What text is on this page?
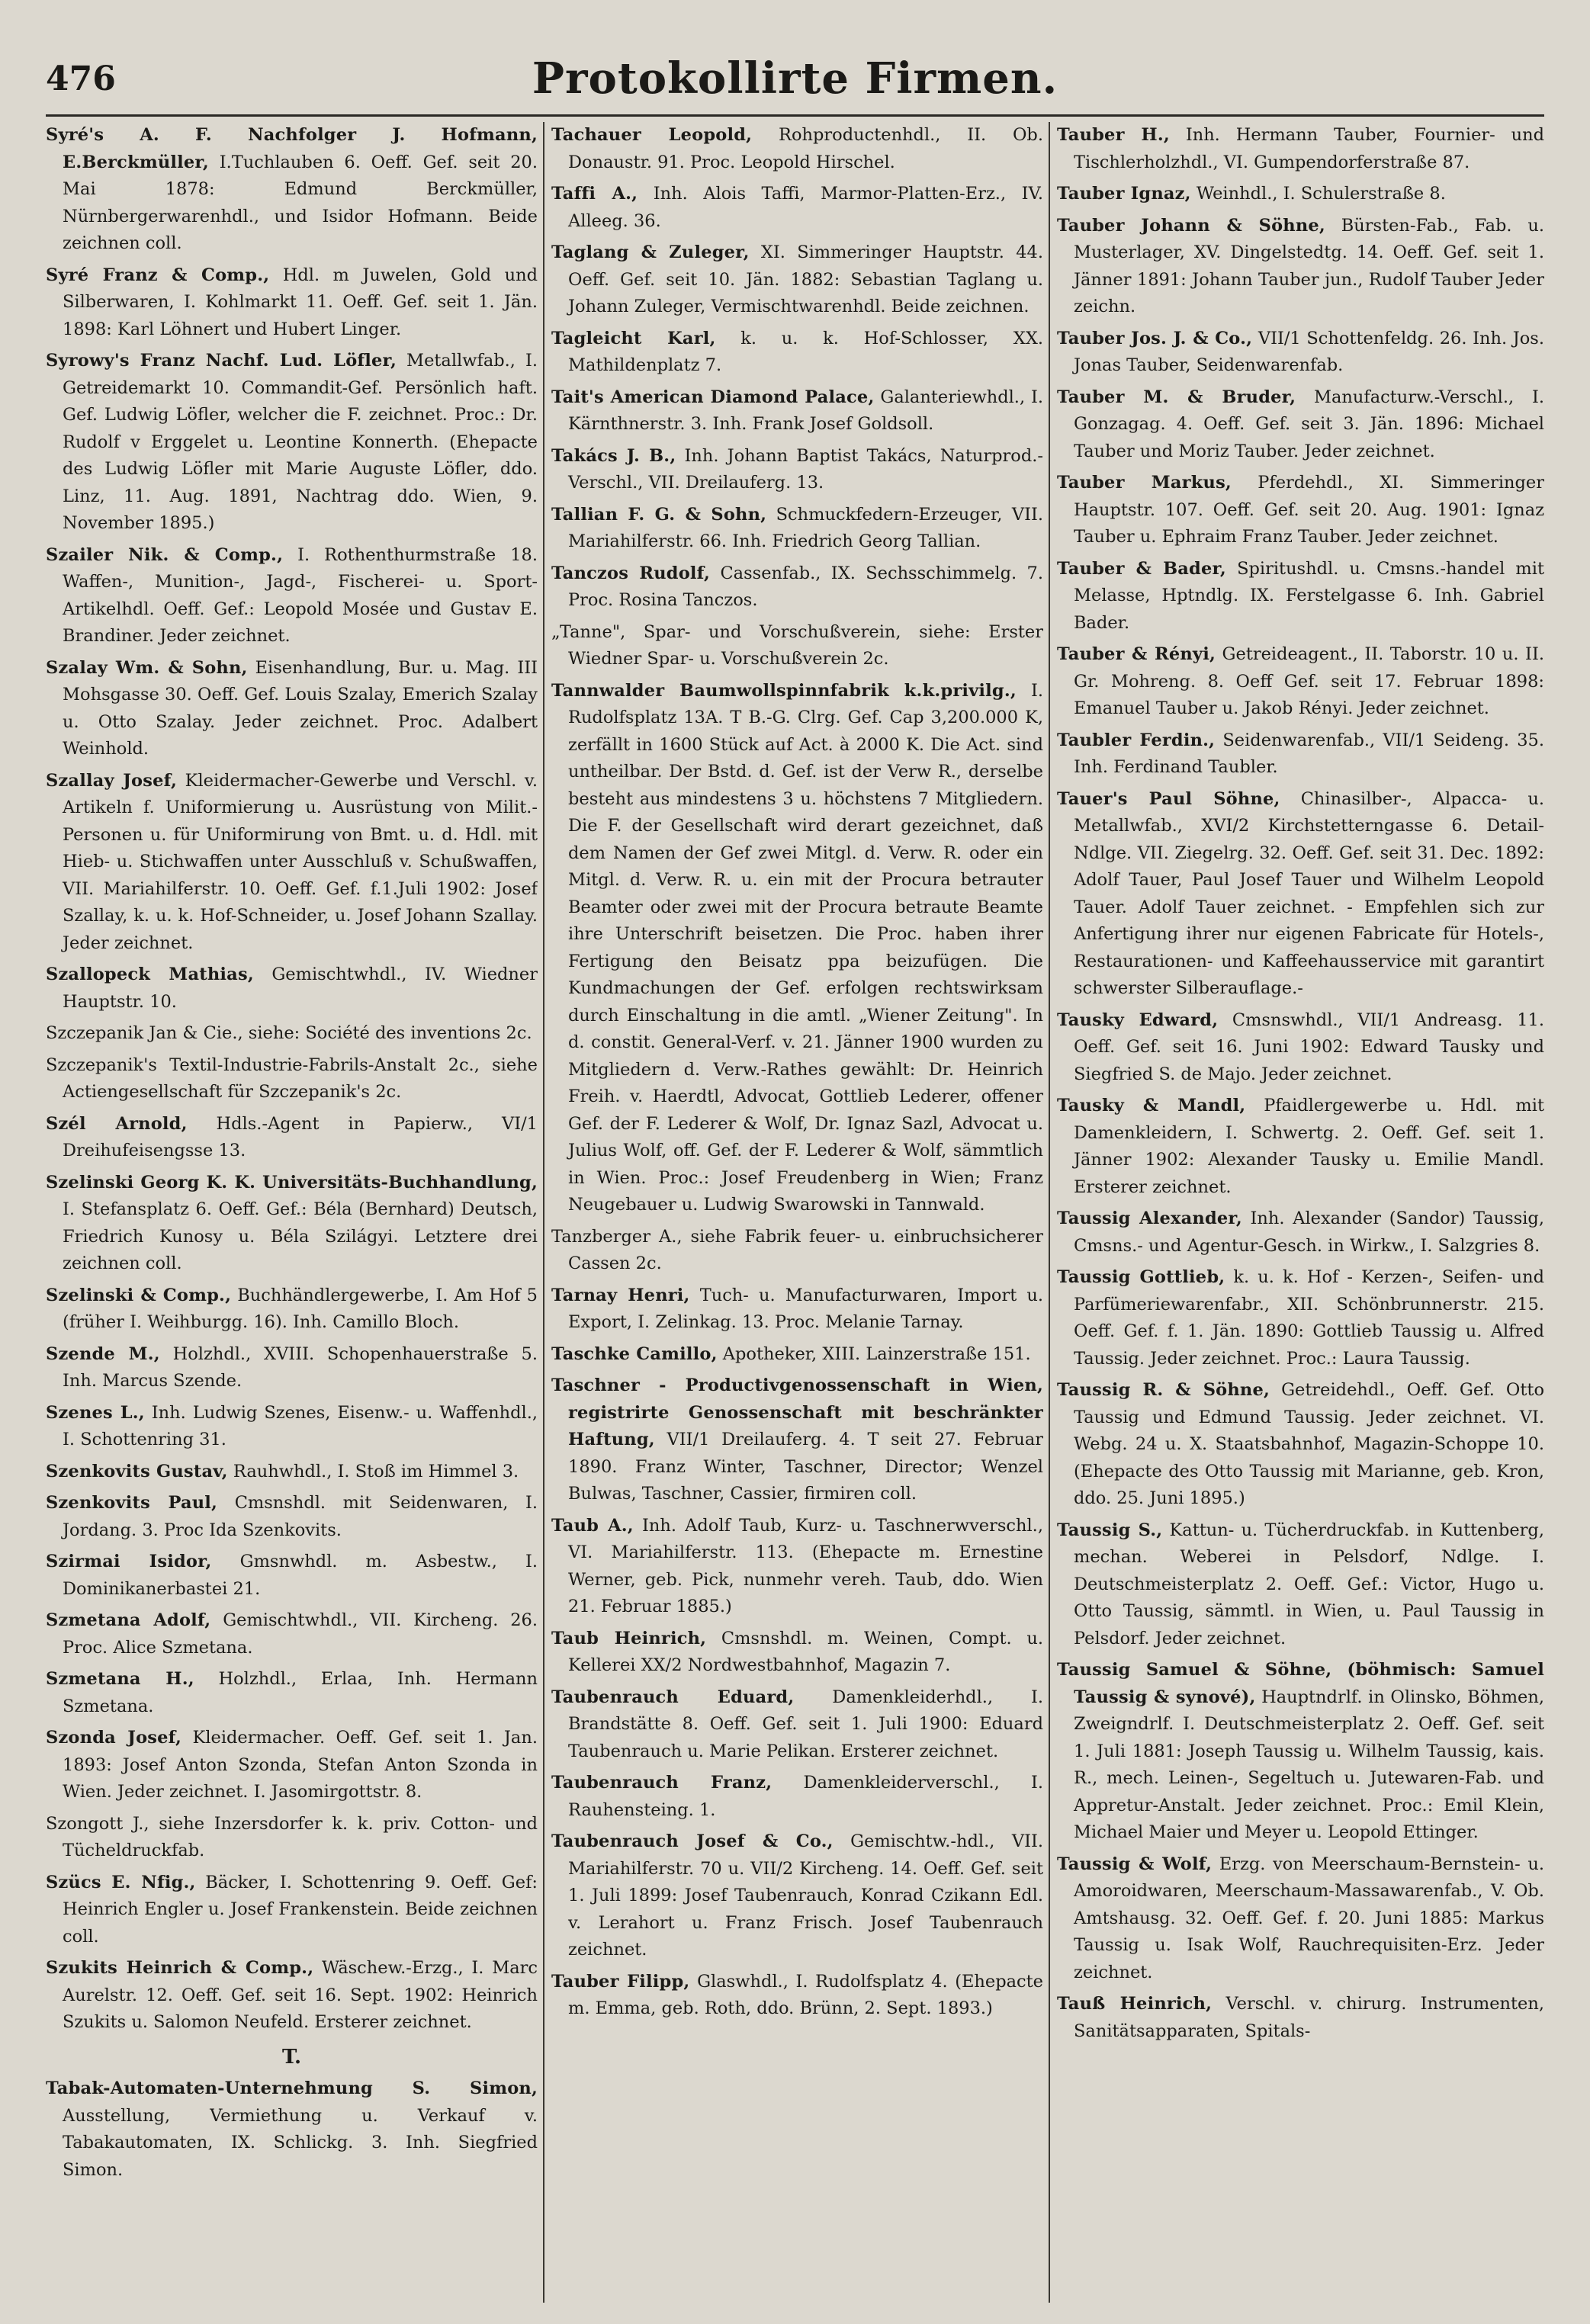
476	Protokollirte Firmen.
Syré's A. F. Nachfolger J. Hofmann, E.Berckmüller, I.Tuchlauben 6. Oeff. Gef. seit 20. Mai 1878: Edmund Berckmüller, Nürnbergerwarenhdl., und Isidor Hofmann. Beide zeichnen coll.
Syré Franz & Comp., Hdl. m Juwelen, Gold und Silberwaren, I. Kohlmarkt 11. Oeff. Gef. seit 1. Jän. 1898: Karl Löhnert und Hubert Linger.
Syrowy's Franz Nachf. Lud. Löfler, Metallwfab., I. Getreidemarkt 10. Commandit-Gef. Persönlich haft. Gef. Ludwig Löfler, welcher die F. zeichnet. Proc.: Dr. Rudolf v Erggelet u. Leontine Konnerth. (Ehepacte des Ludwig Löfler mit Marie Auguste Löfler, ddo. Linz, 11. Aug. 1891, Nachtrag ddo. Wien, 9. November 1895.)
Szailer Nik. & Comp., I. Rothenthurmstraße 18. Waffen-, Munition-, Jagd-, Fischerei- u. Sport-Artikelhdl. Oeff. Gef.: Leopold Mosée und Gustav E. Brandiner. Jeder zeichnet.
Szalay Wm. & Sohn, Eisenhandlung, Bur. u. Mag. III Mohsgasse 30. Oeff. Gef. Louis Szalay, Emerich Szalay u. Otto Szalay. Jeder zeichnet. Proc. Adalbert Weinhold.
Szallay Josef, Kleidermacher-Gewerbe und Verschl. v. Artikeln f. Uniformierung u. Ausrüstung von Milit.-Personen u. für Uniformirung von Bmt. u. d. Hdl. mit Hieb- u. Stichwaffen unter Ausschluß v. Schußwaffen, VII. Mariahilferstr. 10. Oeff. Gef. f.1.Juli 1902: Josef Szallay, k. u. k. Hof-Schneider, u. Josef Johann Szallay. Jeder zeichnet.
Szallopeck Mathias, Gemischtwhdl., IV. Wiedner Hauptstr. 10.
Szczepanik Jan & Cie., siehe: Société des inventions 2c.
Szczepanik's Textil-Industrie-Fabrils-Anstalt 2c., siehe Actiengesellschaft für Szczepanik's 2c.
Szél Arnold, Hdls.-Agent in Papierw., VI/1 Dreihufeisengsse 13.
Szelinski Georg K. K. Universitäts-Buchhandlung, I. Stefansplatz 6. Oeff. Gef.: Béla (Bernhard) Deutsch, Friedrich Kunosy u. Béla Szilágyi. Letztere drei zeichnen coll.
Szelinski & Comp., Buchhändlergewerbe, I. Am Hof 5 (früher I. Weihburgg. 16). Inh. Camillo Bloch.
Szende M., Holzhdl., XVIII. Schopenhauerstraße 5. Inh. Marcus Szende.
Szenes L., Inh. Ludwig Szenes, Eisenw.- u. Waffenhdl., I. Schottenring 31.
Szenkovits Gustav, Rauhwhdl., I. Stoß im Himmel 3.
Szenkovits Paul, Cmsnshdl. mit Seidenwaren, I. Jordang. 3. Proc Ida Szenkovits.
Szirmai Isidor, Gmsnwhdl. m. Asbestw., I. Dominikanerbastei 21.
Szmetana Adolf, Gemischtwhdl., VII. Kircheng. 26. Proc. Alice Szmetana.
Szmetana H., Holzhdl., Erlaa, Inh. Hermann Szmetana.
Szonda Josef, Kleidermacher. Oeff. Gef. seit 1. Jan. 1893: Josef Anton Szonda, Stefan Anton Szonda in Wien. Jeder zeichnet. I. Jasomirgottstr. 8.
Szongott J., siehe Inzersdorfer k. k. priv. Cotton- und Tücheldruckfab.
Szücs E. Nfig., Bäcker, I. Schottenring 9. Oeff. Gef: Heinrich Engler u. Josef Frankenstein. Beide zeichnen coll.
Szukits Heinrich & Comp., Wäschew.-Erzg., I. Marc Aurelstr. 12. Oeff. Gef. seit 16. Sept. 1902: Heinrich Szukits u. Salomon Neufeld. Ersterer zeichnet.
T.
Tabak-Automaten-Unternehmung S. Simon, Ausstellung, Vermiethung u. Verkauf v. Tabakautomaten, IX. Schlickg. 3. Inh. Siegfried Simon.
Tachauer Leopold, Rohproductenhdl., II. Ob. Donaustr. 91. Proc. Leopold Hirschel.
Taffi A., Inh. Alois Taffi, Marmor-Platten-Erz., IV. Alleeg. 36.
Taglang & Zuleger, XI. Simmeringer Hauptstr. 44. Oeff. Gef. seit 10. Jän. 1882: Sebastian Taglang u. Johann Zuleger, Vermischtwarenhdl. Beide zeichnen.
Tagleicht Karl, k. u. k. Hof-Schlosser, XX. Mathildenplatz 7.
Tait's American Diamond Palace, Galanteriewhdl., I. Kärnthnerstr. 3. Inh. Frank Josef Goldsoll.
Takács J. B., Inh. Johann Baptist Takács, Naturprod.-Verschl., VII. Dreilauferg. 13.
Tallian F. G. & Sohn, Schmuckfedern-Erzeuger, VII. Mariahilferstr. 66. Inh. Friedrich Georg Tallian.
Tanczos Rudolf, Cassenfab., IX. Sechsschimmelg. 7. Proc. Rosina Tanczos.
„Tanne", Spar- und Vorschußverein, siehe: Erster Wiedner Spar- u. Vorschußverein 2c.
Tannwalder Baumwollspinnfabrik k.k.privilg., I. Rudolfsplatz 13A. T B.-G. Clrg. Gef. Cap 3,200.000 K, zerfällt in 1600 Stück auf Act. à 2000 K. Die Act. sind untheilbar. Der Bstd. d. Gef. ist der Verw R., derselbe besteht aus mindestens 3 u. höchstens 7 Mitgliedern. Die F. der Gesellschaft wird derart gezeichnet, daß dem Namen der Gef zwei Mitgl. d. Verw. R. oder ein Mitgl. d. Verw. R. u. ein mit der Procura betrauter Beamter oder zwei mit der Procura betraute Beamte ihre Unterschrift beisetzen. Die Proc. haben ihrer Fertigung den Beisatz ppa beizufügen. Die Kundmachungen der Gef. erfolgen rechtswirksam durch Einschaltung in die amtl. „Wiener Zeitung". In d. constit. General-Verf. v. 21. Jänner 1900 wurden zu Mitgliedern d. Verw.-Rathes gewählt: Dr. Heinrich Freih. v. Haerdtl, Advocat, Gottlieb Lederer, offener Gef. der F. Lederer & Wolf, Dr. Ignaz Sazl, Advocat u. Julius Wolf, off. Gef. der F. Lederer & Wolf, sämmtlich in Wien. Proc.: Josef Freudenberg in Wien; Franz Neugebauer u. Ludwig Swarowski in Tannwald.
Tanzberger A., siehe Fabrik feuer- u. einbruchsicherer Cassen 2c.
Tarnay Henri, Tuch- u. Manufacturwaren, Import u. Export, I. Zelinkag. 13. Proc. Melanie Tarnay.
Taschke Camillo, Apotheker, XIII. Lainzerstraße 151.
Taschner - Productivgenossenschaft in Wien, registrirte Genossenschaft mit beschränkter Haftung, VII/1 Dreilauferg. 4. T seit 27. Februar 1890. Franz Winter, Taschner, Director; Wenzel Bulwas, Taschner, Cassier, firmiren coll.
Taub A., Inh. Adolf Taub, Kurz- u. Taschnerwverschl., VI. Mariahilferstr. 113. (Ehepacte m. Ernestine Werner, geb. Pick, nunmehr vereh. Taub, ddo. Wien 21. Februar 1885.)
Taub Heinrich, Cmsnshdl. m. Weinen, Compt. u. Kellerei XX/2 Nordwestbahnhof, Magazin 7.
Taubenrauch Eduard, Damenkleiderhdl., I. Brandstätte 8. Oeff. Gef. seit 1. Juli 1900: Eduard Taubenrauch u. Marie Pelikan. Ersterer zeichnet.
Taubenrauch Franz, Damenkleiderverschl., I. Rauhensteing. 1.
Taubenrauch Josef & Co., Gemischtw.-hdl., VII. Mariahilferstr. 70 u. VII/2 Kircheng. 14. Oeff. Gef. seit 1. Juli 1899: Josef Taubenrauch, Konrad Czikann Edl. v. Lerahort u. Franz Frisch. Josef Taubenrauch zeichnet.
Tauber Filipp, Glaswhdl., I. Rudolfsplatz 4. (Ehepacte m. Emma, geb. Roth, ddo. Brünn, 2. Sept. 1893.)
Tauber H., Inh. Hermann Tauber, Fournier- und Tischlerholzhdl., VI. Gumpendorferstraße 87.
Tauber Ignaz, Weinhdl., I. Schulerstraße 8.
Tauber Johann & Söhne, Bürsten-Fab., Fab. u. Musterlager, XV. Dingelstedtg. 14. Oeff. Gef. seit 1. Jänner 1891: Johann Tauber jun., Rudolf Tauber Jeder zeichn.
Tauber Jos. J. & Co., VII/1 Schottenfeldg. 26. Inh. Jos. Jonas Tauber, Seidenwarenfab.
Tauber M. & Bruder, Manufacturw.-Verschl., I. Gonzagag. 4. Oeff. Gef. seit 3. Jän. 1896: Michael Tauber und Moriz Tauber. Jeder zeichnet.
Tauber Markus, Pferdehdl., XI. Simmeringer Hauptstr. 107. Oeff. Gef. seit 20. Aug. 1901: Ignaz Tauber u. Ephraim Franz Tauber. Jeder zeichnet.
Tauber & Bader, Spiritushdl. u. Cmsns.-handel mit Melasse, Hptndlg. IX. Ferstelgasse 6. Inh. Gabriel Bader.
Tauber & Rényi, Getreideagent., II. Taborstr. 10 u. II. Gr. Mohreng. 8. Oeff Gef. seit 17. Februar 1898: Emanuel Tauber u. Jakob Rényi. Jeder zeichnet.
Taubler Ferdin., Seidenwarenfab., VII/1 Seideng. 35. Inh. Ferdinand Taubler.
Tauer's Paul Söhne, Chinasilber-, Alpacca- u. Metallwfab., XVI/2 Kirchstetterngasse 6. Detail-Ndlge. VII. Ziegelrg. 32. Oeff. Gef. seit 31. Dec. 1892: Adolf Tauer, Paul Josef Tauer und Wilhelm Leopold Tauer. Adolf Tauer zeichnet. - Empfehlen sich zur Anfertigung ihrer nur eigenen Fabricate für Hotels-, Restaurationen- und Kaffeehausservice mit garantirt schwerster Silberauflage.-
Tausky Edward, Cmsnswhdl., VII/1 Andreasg. 11. Oeff. Gef. seit 16. Juni 1902: Edward Tausky und Siegfried S. de Majo. Jeder zeichnet.
Tausky & Mandl, Pfaidlergewerbe u. Hdl. mit Damenkleidern, I. Schwertg. 2. Oeff. Gef. seit 1. Jänner 1902: Alexander Tausky u. Emilie Mandl. Ersterer zeichnet.
Taussig Alexander, Inh. Alexander (Sandor) Taussig, Cmsns.- und Agentur-Gesch. in Wirkw., I. Salzgries 8.
Taussig Gottlieb, k. u. k. Hof - Kerzen-, Seifen- und Parfümeriewarenfabr., XII. Schönbrunnerstr. 215. Oeff. Gef. f. 1. Jän. 1890: Gottlieb Taussig u. Alfred Taussig. Jeder zeichnet. Proc.: Laura Taussig.
Taussig R. & Söhne, Getreidehdl., Oeff. Gef. Otto Taussig und Edmund Taussig. Jeder zeichnet. VI. Webg. 24 u. X. Staatsbahnhof, Magazin-Schoppe 10. (Ehepacte des Otto Taussig mit Marianne, geb. Kron, ddo. 25. Juni 1895.)
Taussig S., Kattun- u. Tücherdruckfab. in Kuttenberg, mechan. Weberei in Pelsdorf, Ndlge. I. Deutschmeisterplatz 2. Oeff. Gef.: Victor, Hugo u. Otto Taussig, sämmtl. in Wien, u. Paul Taussig in Pelsdorf. Jeder zeichnet.
Taussig Samuel & Söhne, (böhmisch: Samuel Taussig & synové), Hauptndrlf. in Olinsko, Böhmen, Zweigndrlf. I. Deutschmeisterplatz 2. Oeff. Gef. seit 1. Juli 1881: Joseph Taussig u. Wilhelm Taussig, kais. R., mech. Leinen-, Segeltuch u. Jutewaren-Fab. und Appretur-Anstalt. Jeder zeichnet. Proc.: Emil Klein, Michael Maier und Meyer u. Leopold Ettinger.
Taussig & Wolf, Erzg. von Meerschaum-Bernstein- u. Amoroidwaren, Meerschaum-Massawarenfab., V. Ob. Amtshausg. 32. Oeff. Gef. f. 20. Juni 1885: Markus Taussig u. Isak Wolf, Rauchrequisiten-Erz. Jeder zeichnet.
Tauß Heinrich, Verschl. v. chirurg. Instrumenten, Sanitätsapparaten, Spitals-
